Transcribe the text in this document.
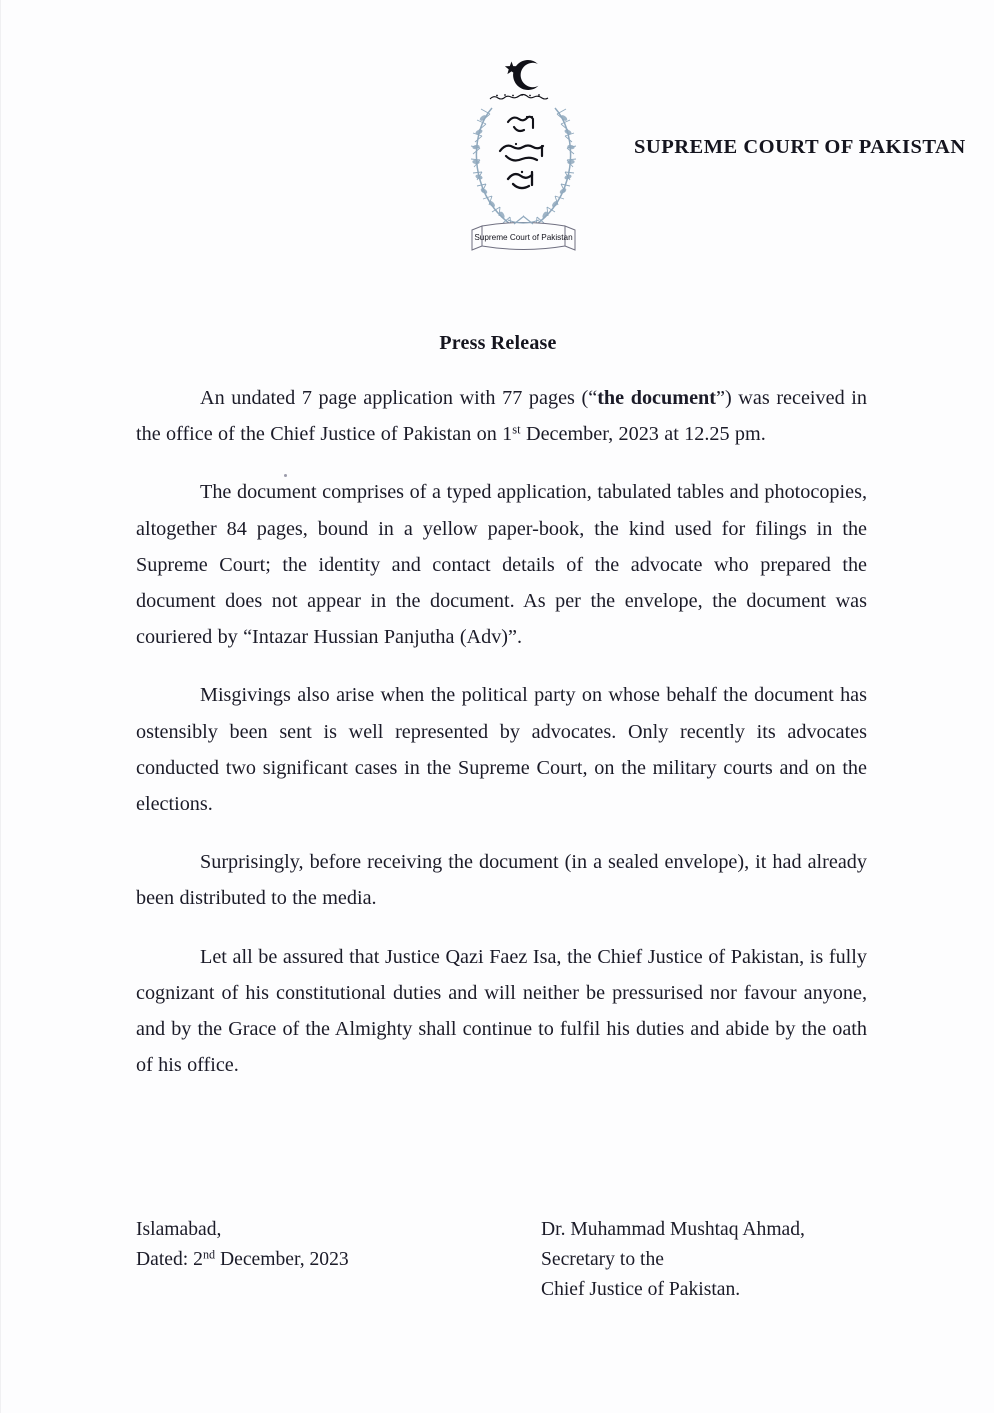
Supreme Court of Pakistan
SUPREME COURT OF PAKISTAN
Press Release

An undated 7 page application with 77 pages (“the document”) was received in the office of the Chief Justice of Pakistan on 1st December, 2023 at 12.25 pm.

The document comprises of a typed application, tabulated tables and photocopies, altogether 84 pages, bound in a yellow paper-book, the kind used for filings in the Supreme Court; the identity and contact details of the advocate who prepared the document does not appear in the document. As per the envelope, the document was couriered by “Intazar Hussian Panjutha (Adv)”.

Misgivings also arise when the political party on whose behalf the document has ostensibly been sent is well represented by advocates. Only recently its advocates conducted two significant cases in the Supreme Court, on the military courts and on the elections.

Surprisingly, before receiving the document (in a sealed envelope), it had already been distributed to the media.

Let all be assured that Justice Qazi Faez Isa, the Chief Justice of Pakistan, is fully cognizant of his constitutional duties and will neither be pressurised nor favour anyone, and by the Grace of the Almighty shall continue to fulfil his duties and abide by the oath of his office.

Islamabad,
Dated: 2nd December, 2023
Dr. Muhammad Mushtaq Ahmad,
Secretary to the
Chief Justice of Pakistan.
